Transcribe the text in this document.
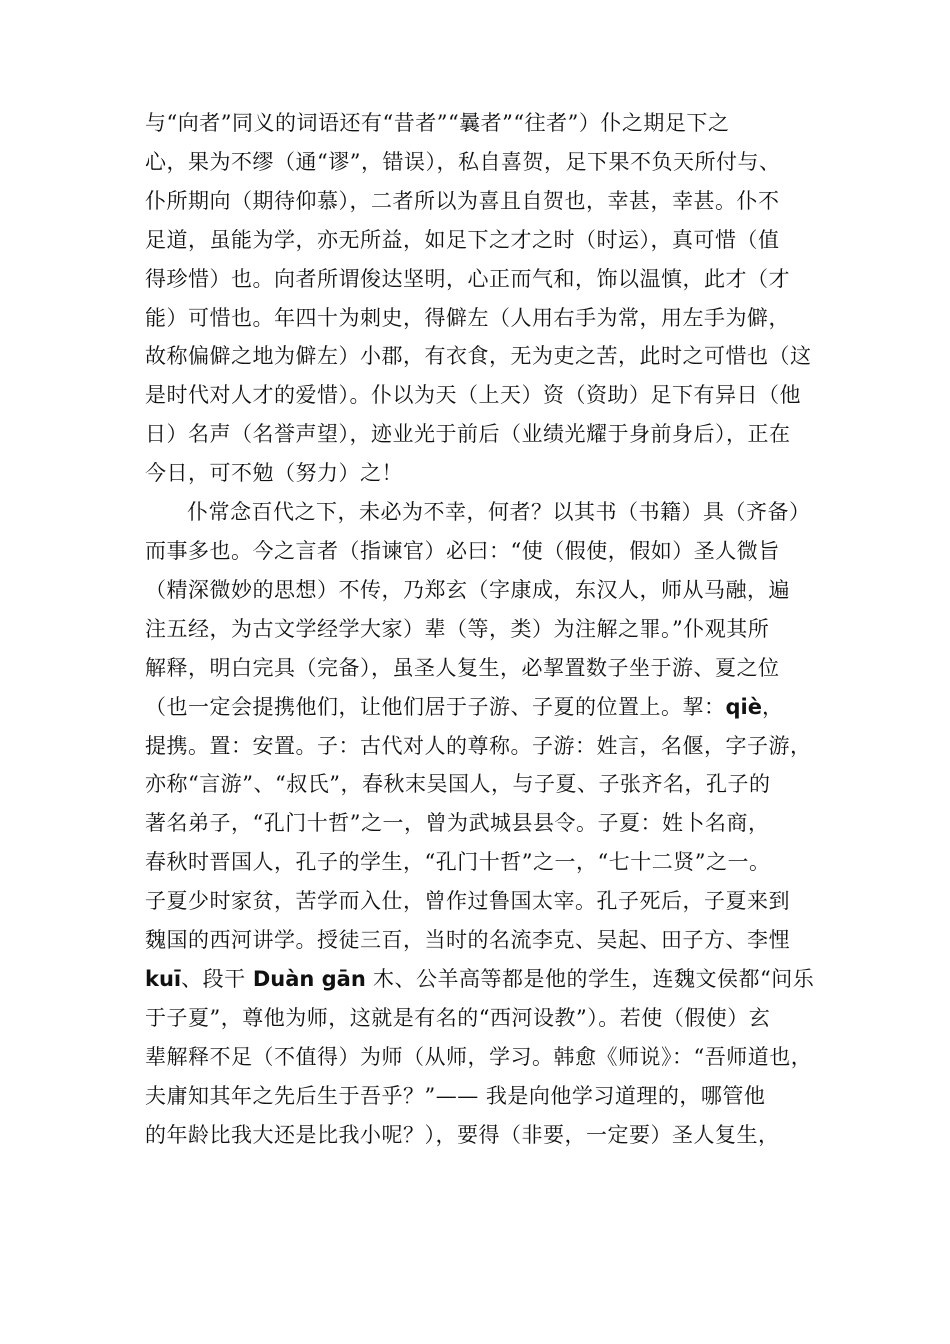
与“向者”同义的词语还有“昔者”“曩者”“往者”）仆之期足下之
心，果为不缪（通“谬”，错误），私自喜贺，足下果不负天所付与、
仆所期向（期待仰慕），二者所以为喜且自贺也，幸甚，幸甚。仆不
足道，虽能为学，亦无所益，如足下之才之时（时运），真可惜（值
得珍惜）也。向者所谓俊达坚明，心正而气和，饰以温慎，此才（才
能）可惜也。年四十为刺史，得僻左（人用右手为常，用左手为僻，
故称偏僻之地为僻左）小郡，有衣食，无为吏之苦，此时之可惜也（这
是时代对人才的爱惜）。仆以为天（上天）资（资助）足下有异日（他
日）名声（名誉声望），迹业光于前后（业绩光耀于身前身后），正在
今日，可不勉（努力）之！

仆常念百代之下，未必为不幸，何者？以其书（书籍）具（齐备）
而事多也。今之言者（指谏官）必曰：“使（假使，假如）圣人微旨
（精深微妙的思想）不传，乃郑玄（字康成，东汉人，师从马融，遍
注五经，为古文学经学大家）辈（等，类）为注解之罪。”仆观其所
解释，明白完具（完备），虽圣人复生，必挈置数子坐于游、夏之位
（也一定会提携他们，让他们居于子游、子夏的位置上。挈：qiè，
提携。置：安置。子：古代对人的尊称。子游：姓言，名偃，字子游，
亦称“言游”、“叔氏”，春秋末吴国人，与子夏、子张齐名，孔子的
著名弟子，“孔门十哲”之一，曾为武城县县令。子夏：姓卜名商，
春秋时晋国人，孔子的学生，“孔门十哲”之一，“七十二贤”之一。
子夏少时家贫，苦学而入仕，曾作过鲁国太宰。孔子死后，子夏来到
魏国的西河讲学。授徒三百，当时的名流李克、吴起、田子方、李悝
kuī、段干 Duàn gān 木、公羊高等都是他的学生，连魏文侯都“问乐
于子夏”，尊他为师，这就是有名的“西河设教”）。若使（假使）玄
辈解释不足（不值得）为师（从师，学习。韩愈《师说》：“吾师道也，
夫庸知其年之先后生于吾乎？”—— 我是向他学习道理的，哪管他
的年龄比我大还是比我小呢？），要得（非要，一定要）圣人复生，
